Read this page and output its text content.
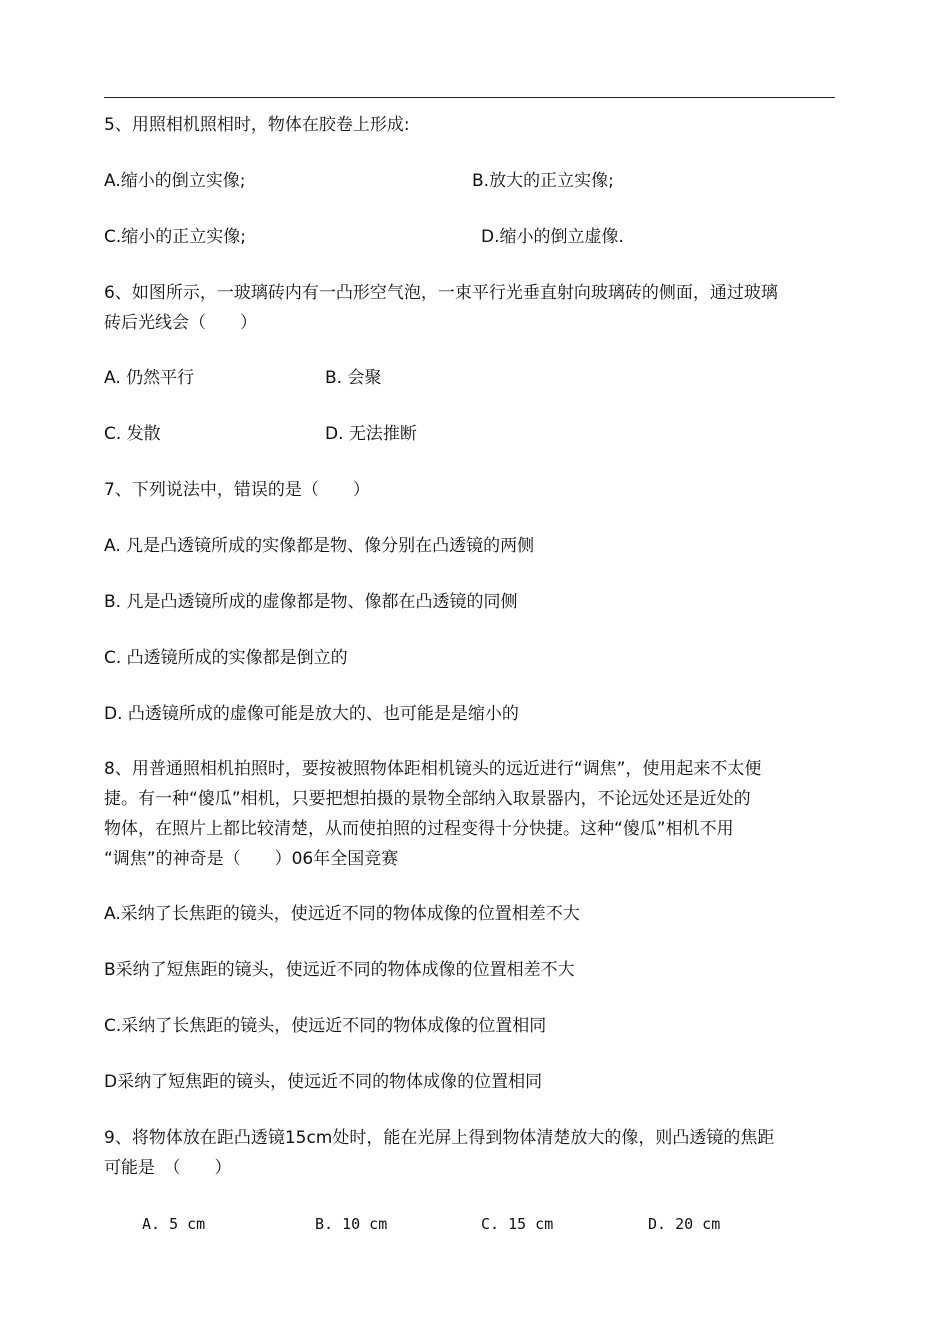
5、用照相机照相时，物体在胶卷上形成:
A.缩小的倒立实像;	B.放大的正立实像;
C.缩小的正立实像;	D.缩小的倒立虚像.
6、如图所示，一玻璃砖内有一凸形空气泡，一束平行光垂直射向玻璃砖的侧面，通过玻璃
砖后光线会（　　）
A. 仍然平行	B. 会聚
C. 发散	D. 无法推断
7、下列说法中，错误的是（　　）
A. 凡是凸透镜所成的实像都是物、像分别在凸透镜的两侧
B. 凡是凸透镜所成的虚像都是物、像都在凸透镜的同侧
C. 凸透镜所成的实像都是倒立的
D. 凸透镜所成的虚像可能是放大的、也可能是是缩小的
8、用普通照相机拍照时，要按被照物体距相机镜头的远近进行“调焦”，使用起来不太便
捷。有一种“傻瓜”相机，只要把想拍摄的景物全部纳入取景器内，不论远处还是近处的
物体，在照片上都比较清楚，从而使拍照的过程变得十分快捷。这种“傻瓜”相机不用
“调焦”的神奇是（　　）06年全国竞赛
A.采纳了长焦距的镜头，使远近不同的物体成像的位置相差不大
B采纳了短焦距的镜头，使远近不同的物体成像的位置相差不大
C.采纳了长焦距的镜头，使远近不同的物体成像的位置相同
D采纳了短焦距的镜头，使远近不同的物体成像的位置相同
9、将物体放在距凸透镜15cm处时，能在光屏上得到物体清楚放大的像，则凸透镜的焦距
可能是　（　　）
A. 5 cm	B. 10 cm	C. 15 cm	D. 20 cm
